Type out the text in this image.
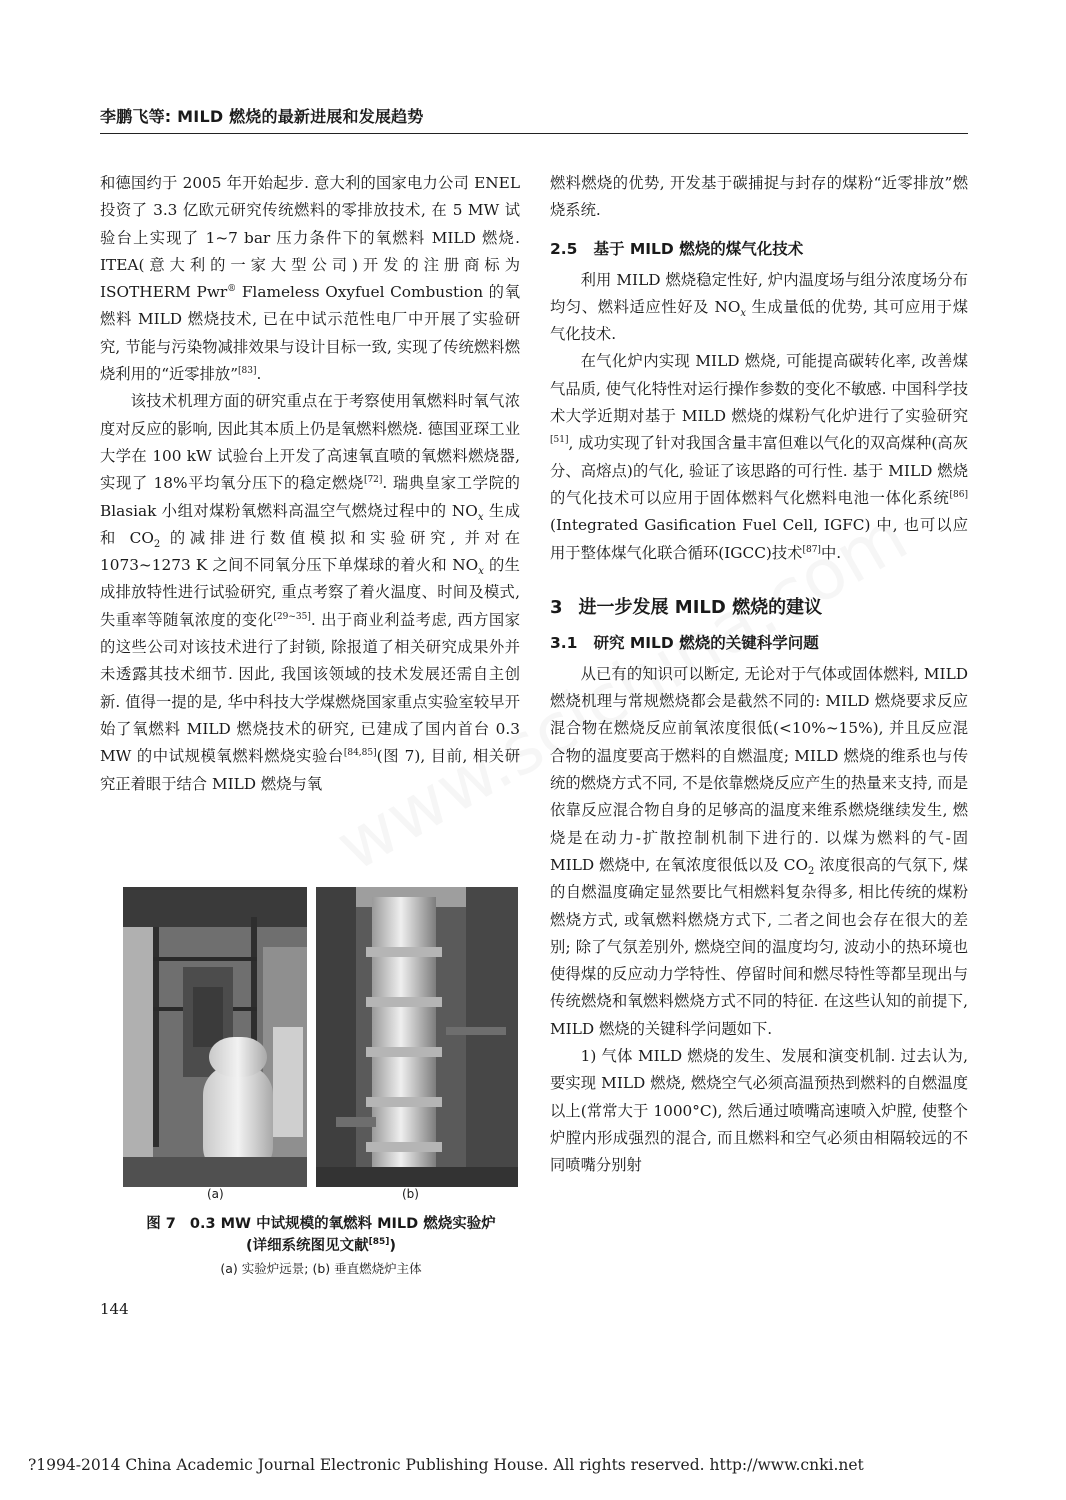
李鹏飞等: MILD 燃烧的最新进展和发展趋势

和德国约于 2005 年开始起步. 意大利的国家电力公司 ENEL 投资了 3.3 亿欧元研究传统燃料的零排放技术, 在 5 MW 试验台上实现了 1~7 bar 压力条件下的氧燃料 MILD 燃烧. ITEA(意大利的一家大型公司)开发的注册商标为 ISOTHERM Pwr® Flameless Oxyfuel Combustion 的氧燃料 MILD 燃烧技术, 已在中试示范性电厂中开展了实验研究, 节能与污染物减排效果与设计目标一致, 实现了传统燃料燃烧利用的“近零排放”[83].

该技术机理方面的研究重点在于考察使用氧燃料时氧气浓度对反应的影响, 因此其本质上仍是氧燃料燃烧. 德国亚琛工业大学在 100 kW 试验台上开发了高速氧直喷的氧燃料燃烧器, 实现了 18%平均氧分压下的稳定燃烧[72]. 瑞典皇家工学院的 Blasiak 小组对煤粉氧燃料高温空气燃烧过程中的 $NO_x$ 生成和 $CO_2$ 的减排进行数值模拟和实验研究, 并对在 1073~1273 K 之间不同氧分压下单煤球的着火和 $NO_x$ 的生成排放特性进行试验研究, 重点考察了着火温度、时间及模式, 失重率等随氧浓度的变化[29~35]. 出于商业利益考虑, 西方国家的这些公司对该技术进行了封锁, 除报道了相关研究成果外并未透露其技术细节. 因此, 我国该领域的技术发展还需自主创新. 值得一提的是, 华中科技大学煤燃烧国家重点实验室较早开始了氧燃料 MILD 燃烧技术的研究, 已建成了国内首台 0.3 MW 的中试规模氧燃料燃烧实验台[84,85](图 7), 目前, 相关研究正着眼于结合 MILD 燃烧与氧

(a)	(b)
图 7 0.3 MW 中试规模的氧燃料 MILD 燃烧实验炉
(详细系统图见文献[85])
(a) 实验炉远景; (b) 垂直燃烧炉主体

燃料燃烧的优势, 开发基于碳捕捉与封存的煤粉“近零排放”燃烧系统.

2.5 基于 MILD 燃烧的煤气化技术

利用 MILD 燃烧稳定性好, 炉内温度场与组分浓度场分布均匀、燃料适应性好及 $NO_x$ 生成量低的优势, 其可应用于煤气化技术.

在气化炉内实现 MILD 燃烧, 可能提高碳转化率, 改善煤气品质, 使气化特性对运行操作参数的变化不敏感. 中国科学技术大学近期对基于 MILD 燃烧的煤粉气化炉进行了实验研究[51], 成功实现了针对我国含量丰富但难以气化的双高煤种(高灰分、高熔点)的气化, 验证了该思路的可行性. 基于 MILD 燃烧的气化技术可以应用于固体燃料气化燃料电池一体化系统[86](Integrated Gasification Fuel Cell, IGFC) 中, 也可以应用于整体煤气化联合循环(IGCC)技术[87]中.

3 进一步发展 MILD 燃烧的建议
3.1 研究 MILD 燃烧的关键科学问题

从已有的知识可以断定, 无论对于气体或固体燃料, MILD 燃烧机理与常规燃烧都会是截然不同的: MILD 燃烧要求反应混合物在燃烧反应前氧浓度很低(<10%~15%), 并且反应混合物的温度要高于燃料的自燃温度; MILD 燃烧的维系也与传统的燃烧方式不同, 不是依靠燃烧反应产生的热量来支持, 而是依靠反应混合物自身的足够高的温度来维系燃烧继续发生, 燃烧是在动力-扩散控制机制下进行的. 以煤为燃料的气-固 MILD 燃烧中, 在氧浓度很低以及 $CO_2$ 浓度很高的气氛下, 煤的自燃温度确定显然要比气相燃料复杂得多, 相比传统的煤粉燃烧方式, 或氧燃料燃烧方式下, 二者之间也会存在很大的差别; 除了气氛差别外, 燃烧空间的温度均匀, 波动小的热环境也使得煤的反应动力学特性、停留时间和燃尽特性等都呈现出与传统燃烧和氧燃料燃烧方式不同的特征. 在这些认知的前提下, MILD 燃烧的关键科学问题如下.

1) 气体 MILD 燃烧的发生、发展和演变机制. 过去认为, 要实现 MILD 燃烧, 燃烧空气必须高温预热到燃料的自燃温度以上(常常大于 1000°C), 然后通过喷嘴高速喷入炉膛, 使整个炉膛内形成强烈的混合, 而且燃料和空气必须由相隔较远的不同喷嘴分别射

144
?1994-2014 China Academic Journal Electronic Publishing House. All rights reserved. http://www.cnki.net
